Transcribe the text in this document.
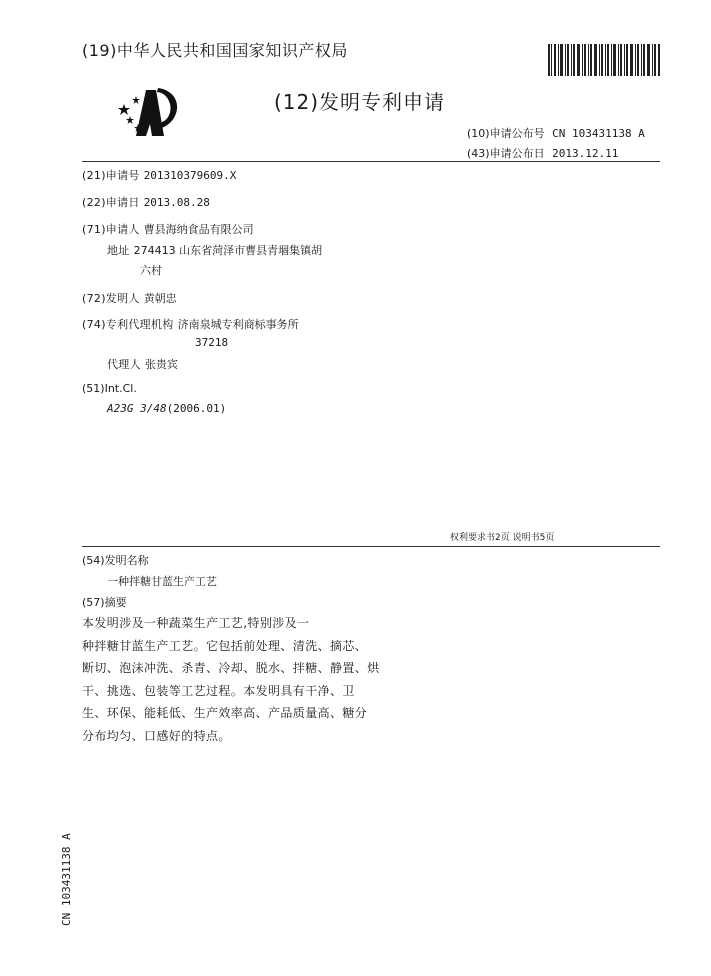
(19)中华人民共和国国家知识产权局
(12)发明专利申请
(10)申请公布号 CN 103431138 A
(43)申请公布日 2013.12.11
(21)申请号 201310379609.X
(22)申请日 2013.08.28
(71)申请人 曹县海纳食品有限公司
地址 274413 山东省菏泽市曹县青堌集镇胡
六村
(72)发明人 黄朝忠
(74)专利代理机构 济南泉城专利商标事务所
37218
代理人 张贵宾
(51)Int.Cl.
A23G 3/48(2006.01)
权利要求书2页 说明书5页
(54)发明名称
一种拌糖甘蓝生产工艺
(57)摘要
本发明涉及一种蔬菜生产工艺,特别涉及一
种拌糖甘蓝生产工艺。它包括前处理、清洗、摘芯、
断切、泡沫冲洗、杀青、冷却、脱水、拌糖、静置、烘
干、挑选、包装等工艺过程。本发明具有干净、卫
生、环保、能耗低、生产效率高、产品质量高、糖分
分布均匀、口感好的特点。
CN 103431138 A
